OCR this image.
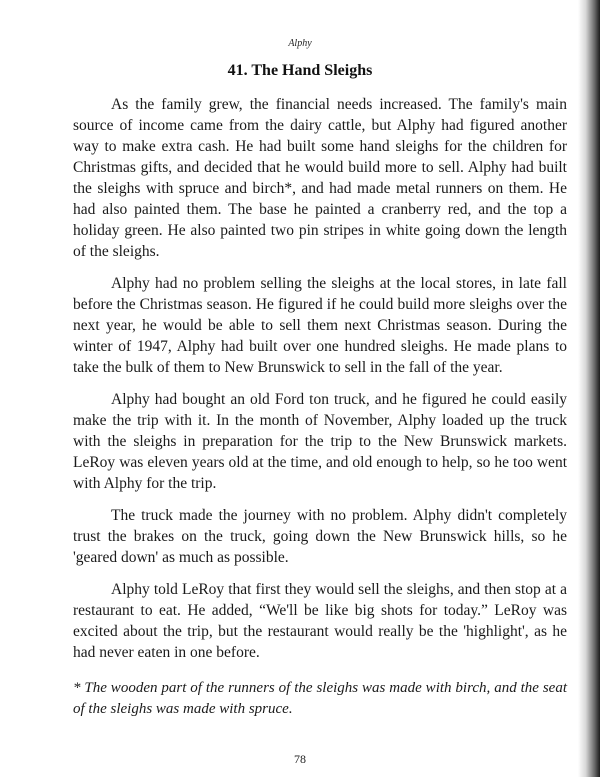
Alphy
41. The Hand Sleighs

As the family grew, the financial needs increased. The family's main source of income came from the dairy cattle, but Alphy had figured another way to make extra cash. He had built some hand sleighs for the children for Christmas gifts, and decided that he would build more to sell. Alphy had built the sleighs with spruce and birch*, and had made metal runners on them. He had also painted them. The base he painted a cranberry red, and the top a holiday green. He also painted two pin stripes in white going down the length of the sleighs.

Alphy had no problem selling the sleighs at the local stores, in late fall before the Christmas season. He figured if he could build more sleighs over the next year, he would be able to sell them next Christmas season. During the winter of 1947, Alphy had built over one hundred sleighs. He made plans to take the bulk of them to New Brunswick to sell in the fall of the year.

Alphy had bought an old Ford ton truck, and he figured he could easily make the trip with it. In the month of November, Alphy loaded up the truck with the sleighs in preparation for the trip to the New Brunswick markets. LeRoy was eleven years old at the time, and old enough to help, so he too went with Alphy for the trip.

The truck made the journey with no problem. Alphy didn't completely trust the brakes on the truck, going down the New Brunswick hills, so he 'geared down' as much as possible.

Alphy told LeRoy that first they would sell the sleighs, and then stop at a restaurant to eat. He added, “We'll be like big shots for today.” LeRoy was excited about the trip, but the restaurant would really be the 'highlight', as he had never eaten in one before.

* The wooden part of the runners of the sleighs was made with birch, and the seat of the sleighs was made with spruce.

78
